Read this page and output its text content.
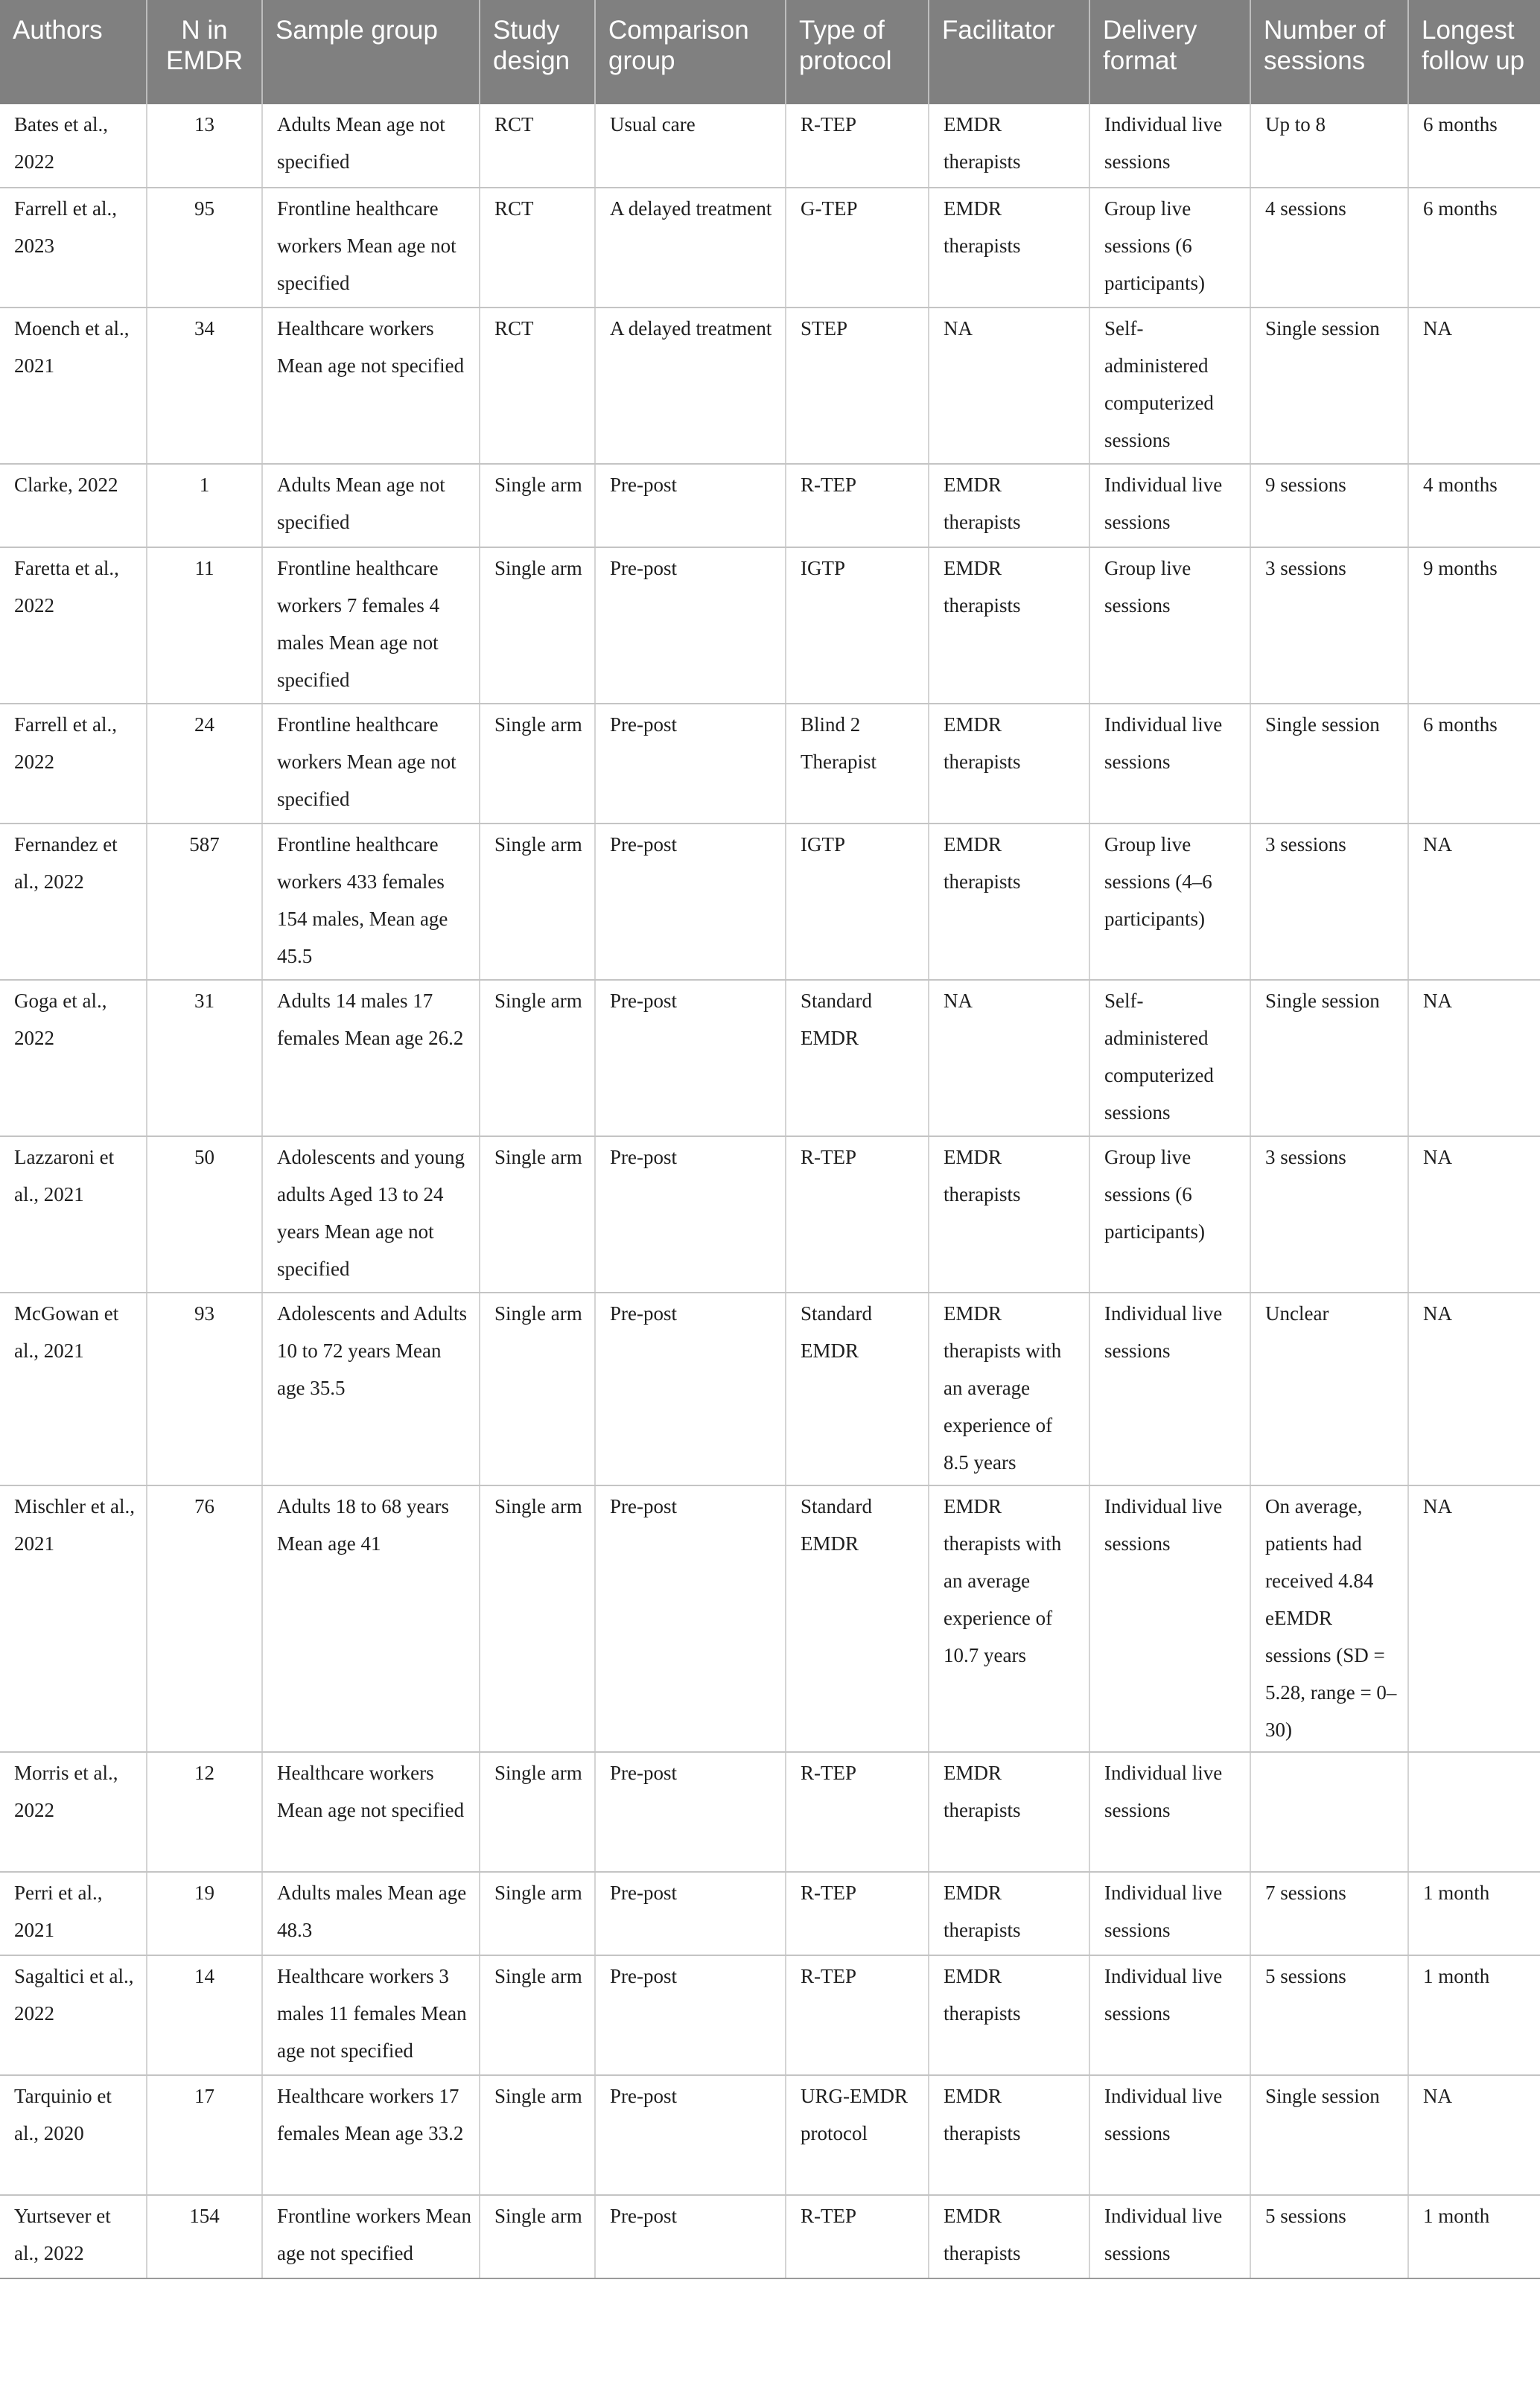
Authors	N in EMDR	Sample group	Study design	Comparison group	Type of protocol	Facilitator	Delivery format	Number of sessions	Longest follow up
Bates et al., 2022	13	Adults Mean age not specified	RCT	Usual care	R-TEP	EMDR therapists	Individual live sessions	Up to 8	6 months
Farrell et al., 2023	95	Frontline healthcare workers Mean age not specified	RCT	A delayed treatment	G-TEP	EMDR therapists	Group live sessions (6 participants)	4 sessions	6 months
Moench et al., 2021	34	Healthcare workers Mean age not specified	RCT	A delayed treatment	STEP	NA	Self-administered computerized sessions	Single session	NA
Clarke, 2022	1	Adults Mean age not specified	Single arm	Pre-post	R-TEP	EMDR therapists	Individual live sessions	9 sessions	4 months
Faretta et al., 2022	11	Frontline healthcare workers 7 females 4 males Mean age not specified	Single arm	Pre-post	IGTP	EMDR therapists	Group live sessions	3 sessions	9 months
Farrell et al., 2022	24	Frontline healthcare workers Mean age not specified	Single arm	Pre-post	Blind 2 Therapist	EMDR therapists	Individual live sessions	Single session	6 months
Fernandez et al., 2022	587	Frontline healthcare workers 433 females 154 males, Mean age 45.5	Single arm	Pre-post	IGTP	EMDR therapists	Group live sessions (4–6 participants)	3 sessions	NA
Goga et al., 2022	31	Adults 14 males 17 females Mean age 26.2	Single arm	Pre-post	Standard EMDR	NA	Self-administered computerized sessions	Single session	NA
Lazzaroni et al., 2021	50	Adolescents and young adults Aged 13 to 24 years Mean age not specified	Single arm	Pre-post	R-TEP	EMDR therapists	Group live sessions (6 participants)	3 sessions	NA
McGowan et al., 2021	93	Adolescents and Adults 10 to 72 years Mean age 35.5	Single arm	Pre-post	Standard EMDR	EMDR therapists with an average experience of 8.5 years	Individual live sessions	Unclear	NA
Mischler et al., 2021	76	Adults 18 to 68 years Mean age 41	Single arm	Pre-post	Standard EMDR	EMDR therapists with an average experience of 10.7 years	Individual live sessions	On average, patients had received 4.84 eEMDR sessions (SD = 5.28, range = 0–30)	NA
Morris et al., 2022	12	Healthcare workers Mean age not specified	Single arm	Pre-post	R-TEP	EMDR therapists	Individual live sessions		
Perri et al., 2021	19	Adults males Mean age 48.3	Single arm	Pre-post	R-TEP	EMDR therapists	Individual live sessions	7 sessions	1 month
Sagaltici et al., 2022	14	Healthcare workers 3 males 11 females Mean age not specified	Single arm	Pre-post	R-TEP	EMDR therapists	Individual live sessions	5 sessions	1 month
Tarquinio et al., 2020	17	Healthcare workers 17 females Mean age 33.2	Single arm	Pre-post	URG-EMDR protocol	EMDR therapists	Individual live sessions	Single session	NA
Yurtsever et al., 2022	154	Frontline workers Mean age not specified	Single arm	Pre-post	R-TEP	EMDR therapists	Individual live sessions	5 sessions	1 month
